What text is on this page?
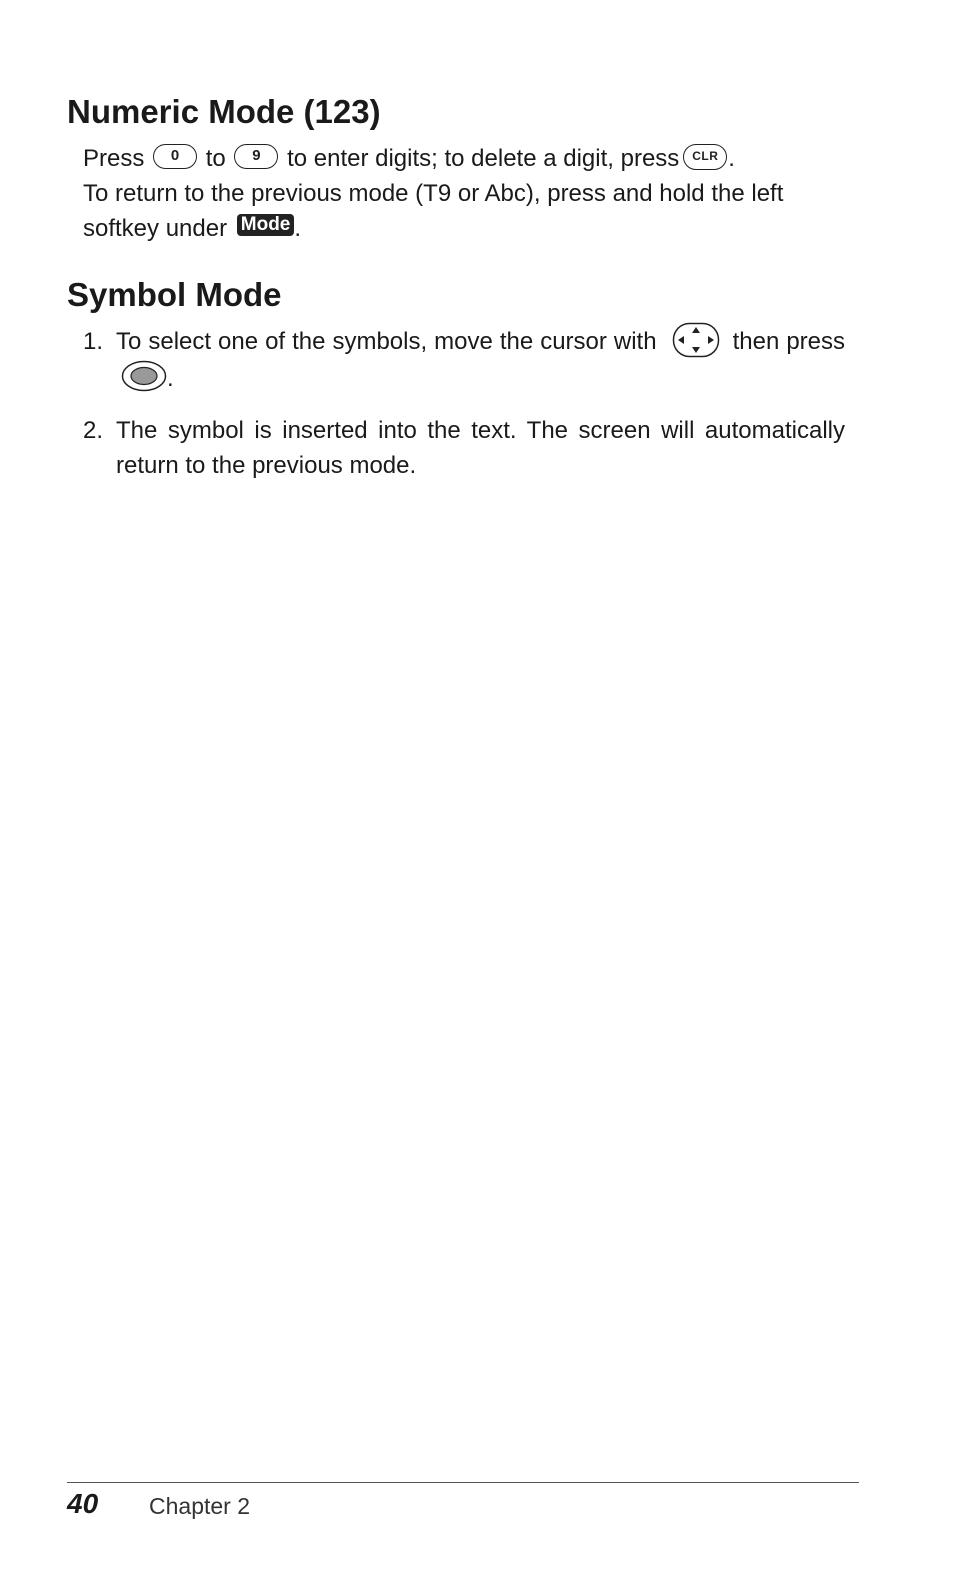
Numeric Mode (123)

Press 0 to 9 to enter digits; to delete a digit, press CLR .
To return to the previous mode (T9 or Abc), press and hold the left softkey under Mode .

Symbol Mode
1. To select one of the symbols, move the cursor with	then press .
2. The symbol is inserted into the text. The screen will automatically return to the previous mode.
40 Chapter 2
